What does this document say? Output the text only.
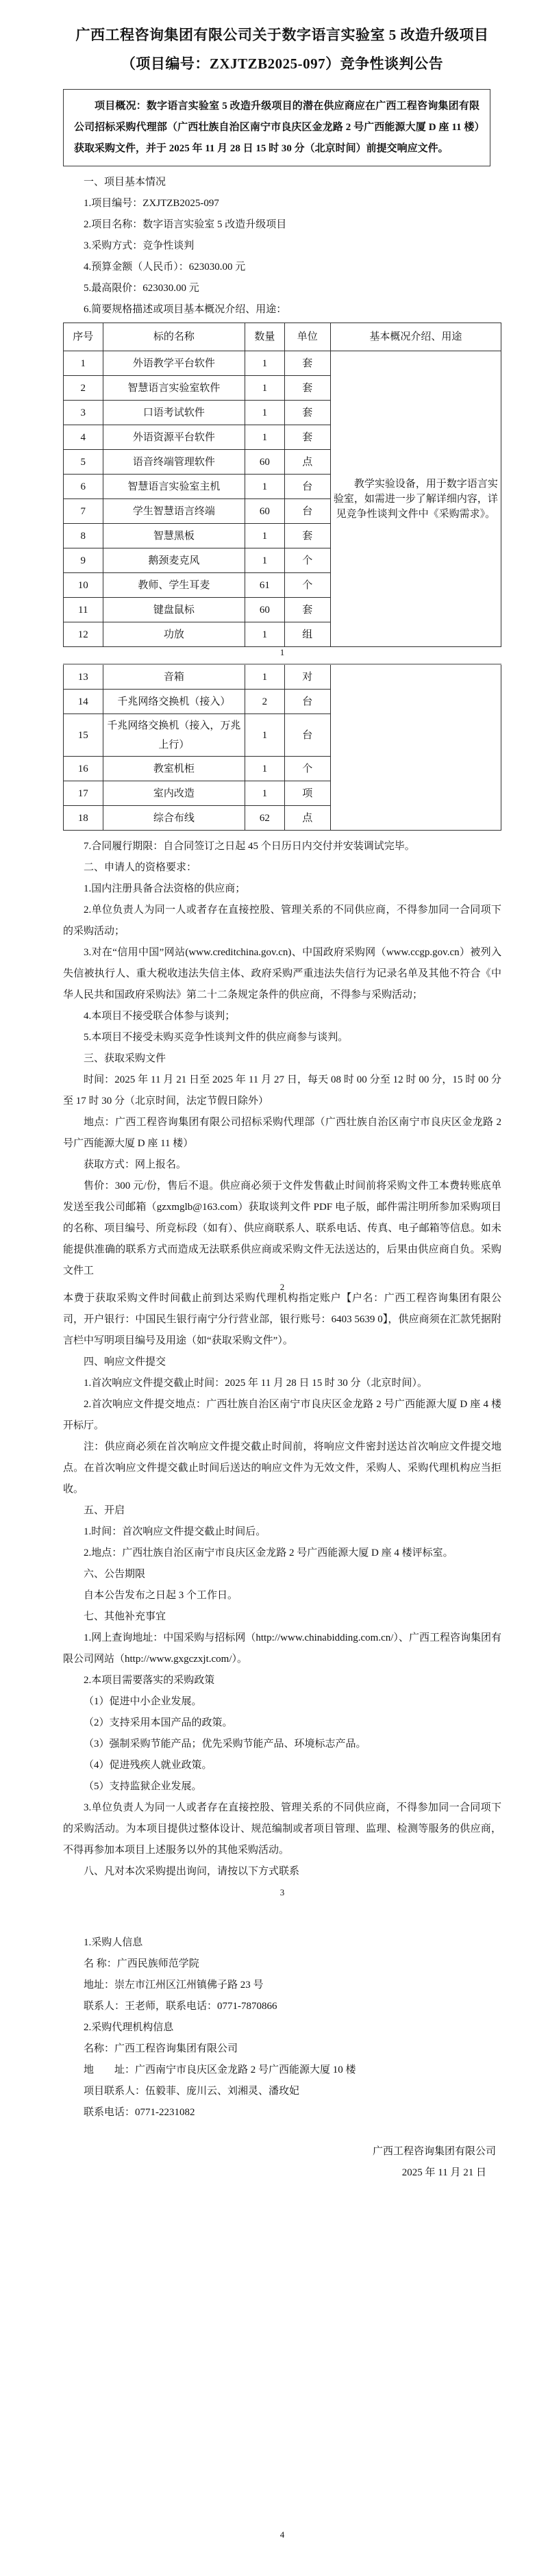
广西工程咨询集团有限公司关于数字语言实验室 5 改造升级项目
（项目编号：ZXJTZB2025-097）竞争性谈判公告
项目概况：数字语言实验室 5 改造升级项目的潜在供应商应在广西工程咨询集团有限公司招标采购代理部（广西壮族自治区南宁市良庆区金龙路 2 号广西能源大厦 D 座 11 楼）获取采购文件，并于 2025 年 11 月 28 日 15 时 30 分（北京时间）前提交响应文件。

一、项目基本情况

1.项目编号：ZXJTZB2025-097

2.项目名称：数字语言实验室 5 改造升级项目

3.采购方式：竞争性谈判

4.预算金额（人民币）：623030.00 元

5.最高限价：623030.00 元

6.简要规格描述或项目基本概况介绍、用途：

序号	标的名称	数量	单位	基本概况介绍、用途
1	外语教学平台软件	1	套	教学实验设备，用于数字语言实验室，如需进一步了解详细内容，详见竞争性谈判文件中《采购需求》。
2	智慧语言实验室软件	1	套	
3	口语考试软件	1	套	
4	外语资源平台软件	1	套	
5	语音终端管理软件	60	点	
6	智慧语言实验室主机	1	台	
7	学生智慧语言终端	60	台	
8	智慧黑板	1	套	
9	鹅颈麦克风	1	个	
10	教师、学生耳麦	61	个	
11	键盘鼠标	60	套	
12	功放	1	组	
1
13	音箱	1	对	
14	千兆网络交换机（接入）	2	台	
15	千兆网络交换机（接入，万兆上行）	1	台	
16	教室机柜	1	个	
17	室内改造	1	项	
18	综合布线	62	点	

7.合同履行期限：自合同签订之日起 45 个日历日内交付并安装调试完毕。

二、申请人的资格要求：

1.国内注册具备合法资格的供应商；

2.单位负责人为同一人或者存在直接控股、管理关系的不同供应商，不得参加同一合同项下的采购活动；

3.对在“信用中国”网站(www.creditchina.gov.cn)、中国政府采购网（www.ccgp.gov.cn）被列入失信被执行人、重大税收违法失信主体、政府采购严重违法失信行为记录名单及其他不符合《中华人民共和国政府采购法》第二十二条规定条件的供应商，不得参与采购活动；

4.本项目不接受联合体参与谈判；

5.本项目不接受未购买竞争性谈判文件的供应商参与谈判。

三、获取采购文件

时间：2025 年 11 月 21 日至 2025 年 11 月 27 日，每天 08 时 00 分至 12 时 00 分，15 时 00 分至 17 时 30 分（北京时间，法定节假日除外）

地点：广西工程咨询集团有限公司招标采购代理部（广西壮族自治区南宁市良庆区金龙路 2 号广西能源大厦 D 座 11 楼）

获取方式：网上报名。

售价：300 元/份，售后不退。供应商必须于文件发售截止时间前将采购文件工本费转账底单发送至我公司邮箱（gzxmglb@163.com）获取谈判文件 PDF 电子版，邮件需注明所参加采购项目的名称、项目编号、所竞标段（如有）、供应商联系人、联系电话、传真、电子邮箱等信息。如未能提供准确的联系方式而造成无法联系供应商或采购文件无法送达的，后果由供应商自负。采购文件工

2

本费于获取采购文件时间截止前到达采购代理机构指定账户【户名：广西工程咨询集团有限公司，开户银行：中国民生银行南宁分行营业部，银行账号：6403 5639 0】，供应商须在汇款凭据附言栏中写明项目编号及用途（如“获取采购文件”）。

四、响应文件提交

1.首次响应文件提交截止时间：2025 年 11 月 28 日 15 时 30 分（北京时间）。

2.首次响应文件提交地点：广西壮族自治区南宁市良庆区金龙路 2 号广西能源大厦 D 座 4 楼开标厅。

注：供应商必须在首次响应文件提交截止时间前，将响应文件密封送达首次响应文件提交地点。在首次响应文件提交截止时间后送达的响应文件为无效文件，采购人、采购代理机构应当拒收。

五、开启

1.时间：首次响应文件提交截止时间后。

2.地点：广西壮族自治区南宁市良庆区金龙路 2 号广西能源大厦 D 座 4 楼评标室。

六、公告期限

自本公告发布之日起 3 个工作日。

七、其他补充事宜

1.网上查询地址：中国采购与招标网（http://www.chinabidding.com.cn/）、广西工程咨询集团有限公司网站（http://www.gxgczxjt.com/）。

2.本项目需要落实的采购政策

（1）促进中小企业发展。

（2）支持采用本国产品的政策。

（3）强制采购节能产品；优先采购节能产品、环境标志产品。

（4）促进残疾人就业政策。

（5）支持监狱企业发展。

3.单位负责人为同一人或者存在直接控股、管理关系的不同供应商，不得参加同一合同项下的采购活动。为本项目提供过整体设计、规范编制或者项目管理、监理、检测等服务的供应商，不得再参加本项目上述服务以外的其他采购活动。

八、凡对本次采购提出询问，请按以下方式联系

3

1.采购人信息

名 称：广西民族师范学院

地址：崇左市江州区江州镇佛子路 23 号

联系人：王老师，联系电话：0771-7870866

2.采购代理机构信息

名称：广西工程咨询集团有限公司

地　　址：广西南宁市良庆区金龙路 2 号广西能源大厦 10 楼

项目联系人：伍毅菲、庞川云、刘湘灵、潘玫妃

联系电话：0771-2231082

广西工程咨询集团有限公司

2025 年 11 月 21 日

4
